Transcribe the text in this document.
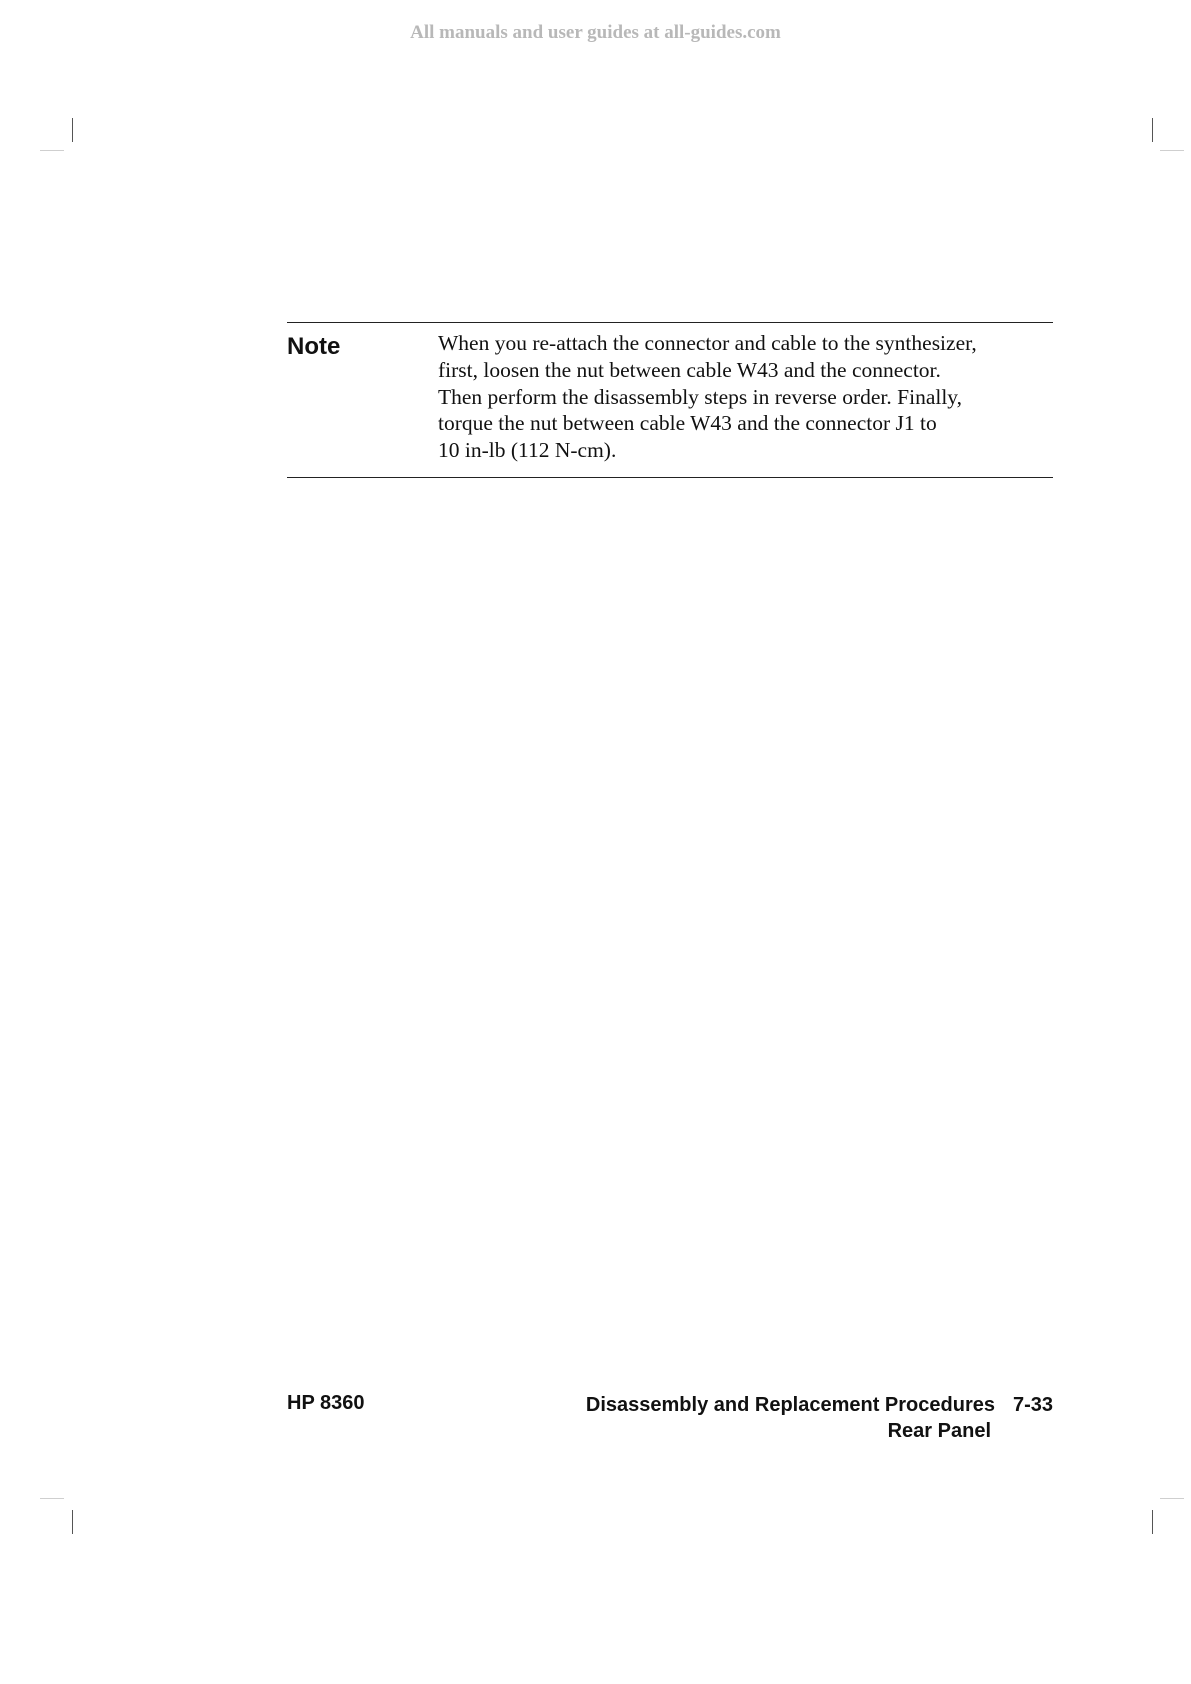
All manuals and user guides at all-guides.com
Note	When you re-attach the connector and cable to the synthesizer,
first, loosen the nut between cable W43 and the connector.
Then perform the disassembly steps in reverse order. Finally,
torque the nut between cable W43 and the connector J1 to
10 in-lb (112 N-cm).
HP 8360	Disassembly and Replacement Procedures 7-33
Rear Panel
